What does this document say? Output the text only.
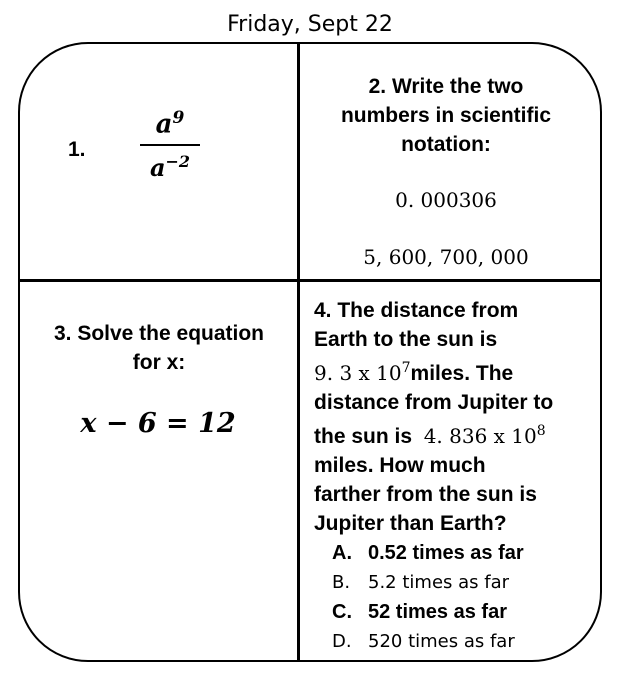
Friday, Sept 22
1.
$a^9$
$a^{-2}$
2. Write the two
numbers in scientific
notation:
0. 000306
5, 600, 700, 000
3. Solve the equation
for x:
x − 6 = 12
4. The distance from
Earth to the sun is
9. 3 x $10^7miles$. The
distance from Jupiter to
the sun is 4. 836 x $10^8$
miles. How much
farther from the sun is
Jupiter than Earth?
A. 0.52 times as far
B. 5.2 times as far
C. 52 times as far
D. 520 times as far
